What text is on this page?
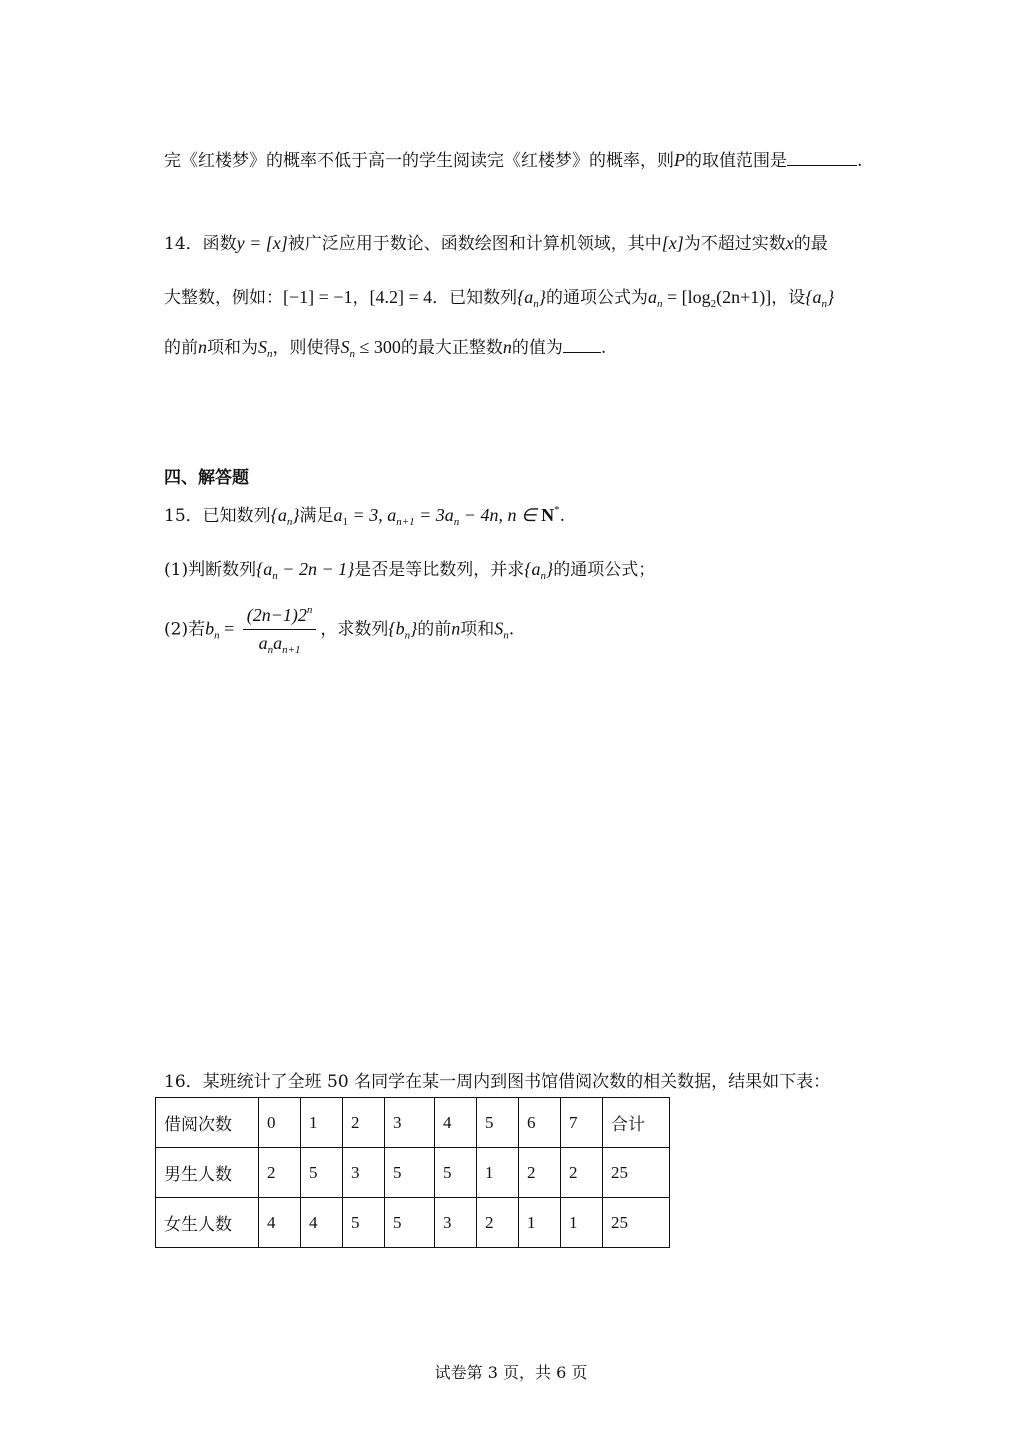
完《红楼梦》的概率不低于高一的学生阅读完《红楼梦》的概率，则P的取值范围是	.
14．函数y = [x]被广泛应用于数论、函数绘图和计算机领域，其中[x]为不超过实数x的最
大整数，例如：[−1] = −1，[4.2] = 4．已知数列$\{a_n\}$的通项公式为$a_n = [\log_2(2n+1)]$，设$\{a_n\}$
的前n项和为$S_n$，则使得$S_n \le 300$的最大正整数n的值为 .
四、解答题
15．已知数列$\{a_n\}$满足$a_1 = 3$, $a_{n+1} = 3a_n - 4n$, n ∈ N*.
(1)判断数列$\{a_n - 2n - 1\}$是否是等比数列，并求$\{a_n\}$的通项公式；
(2)若$b_n = \frac{(2n-1)2^n}{a_na_{n+1}}$ ，求数列$\{b_n\}$的前n项和$S_n$.
16．某班统计了全班 50 名同学在某一周内到图书馆借阅次数的相关数据，结果如下表：
借阅次数	0	1	2	3	4	5	6	7	合计
男生人数	2	5	3	5	5	1	2	2	25
女生人数	4	4	5	5	3	2	1	1	25
试卷第 3 页，共 6 页
